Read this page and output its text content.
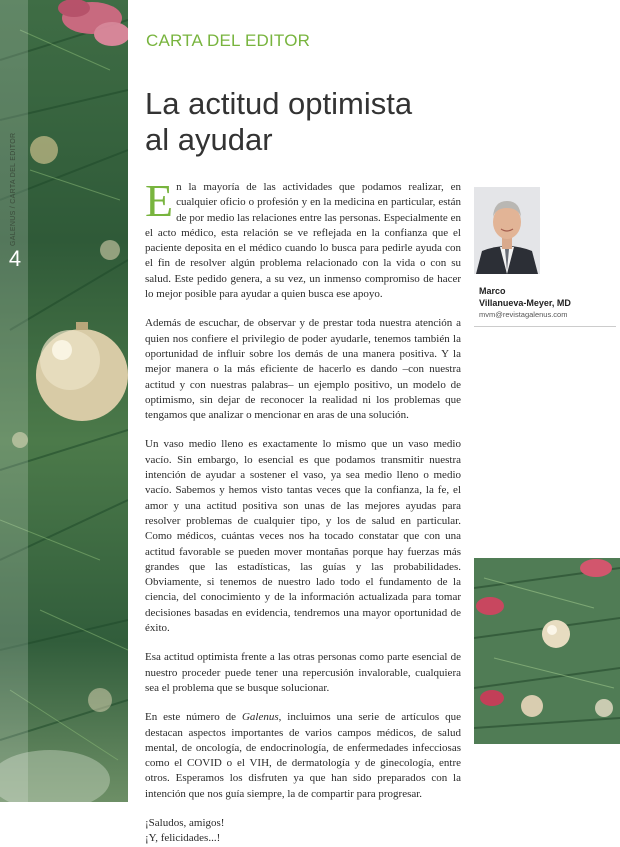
GALENUS / CARTA DEL EDITOR
4
CARTA DEL EDITOR
La actitud optimista
al ayudar

En la mayoría de las actividades que podamos realizar, en cualquier oficio o profesión y en la medicina en particular, están de por medio las relaciones entre las personas. Especialmente en el acto médico, esta relación se ve reflejada en la confianza que el paciente deposita en el médico cuando lo busca para pedirle ayuda con el fin de resolver algún problema relacionado con la vida o con su salud. Este pedido genera, a su vez, un inmenso compromiso de hacer lo mejor posible para ayudar a quien busca ese apoyo.

Además de escuchar, de observar y de prestar toda nuestra atención a quien nos confiere el privilegio de poder ayudarle, tenemos también la oportunidad de influir sobre los demás de una manera positiva. Y la mejor manera o la más eficiente de hacerlo es dando –con nuestra actitud y con nuestras palabras– un ejemplo positivo, un modelo de optimismo, sin dejar de reconocer la realidad ni los problemas que tengamos que analizar o mencionar en aras de una solución.

Un vaso medio lleno es exactamente lo mismo que un vaso medio vacío. Sin embargo, lo esencial es que podamos transmitir nuestra intención de ayudar a sostener el vaso, ya sea medio lleno o medio vacío. Sabemos y hemos visto tantas veces que la confianza, la fe, el amor y una actitud positiva son unas de las mejores ayudas para resolver problemas de cualquier tipo, y los de salud en particular. Como médicos, cuántas veces nos ha tocado constatar que con una actitud favorable se pueden mover montañas porque hay fuerzas más grandes que las estadísticas, las guías y las probabilidades. Obviamente, si tenemos de nuestro lado todo el fundamento de la ciencia, del conocimiento y de la información actualizada para tomar decisiones basadas en evidencia, tendremos una mayor oportunidad de éxito.

Esa actitud optimista frente a las otras personas como parte esencial de nuestro proceder puede tener una repercusión invalorable, cualquiera sea el problema que se busque solucionar.

En este número de Galenus, incluimos una serie de artículos que destacan aspectos importantes de varios campos médicos, de salud mental, de oncología, de endocrinología, de enfermedades infecciosas como el COVID o el VIH, de dermatología y de ginecología, entre otros. Esperamos los disfruten ya que han sido preparados con la intención que nos guía siempre, la de compartir para progresar.

¡Saludos, amigos!
¡Y, felicidades...!

Marco
Villanueva-Meyer, MD
mvm@revistagalenus.com
